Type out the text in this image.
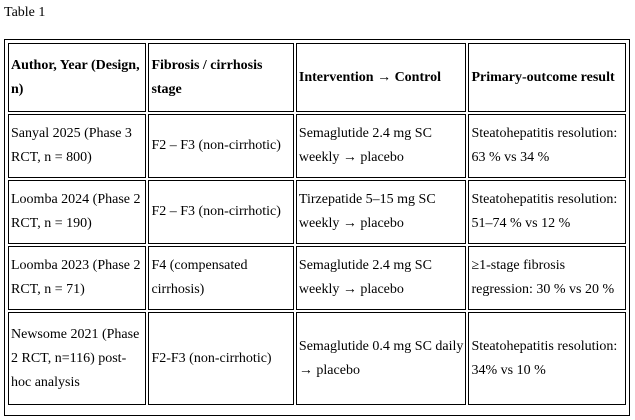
Table 1
Author, Year (Design, n)	Fibrosis / cirrhosis stage	Intervention → Control	Primary-outcome result
Sanyal 2025 (Phase 3 RCT, n = 800)	F2 – F3 (non-cirrhotic)	Semaglutide 2.4 mg SC weekly → placebo	Steatohepatitis resolution: 63 % vs 34 %
Loomba 2024 (Phase 2 RCT, n = 190)	F2 – F3 (non-cirrhotic)	Tirzepatide 5–15 mg SC weekly → placebo	Steatohepatitis resolution: 51–74 % vs 12 %
Loomba 2023 (Phase 2 RCT, n = 71)	F4 (compensated cirrhosis)	Semaglutide 2.4 mg SC weekly → placebo	≥1-stage fibrosis regression: 30 % vs 20 %
Newsome 2021 (Phase 2 RCT, n=116) post-hoc analysis	F2-F3 (non-cirrhotic)	Semaglutide 0.4 mg SC daily → placebo	Steatohepatitis resolution: 34% vs 10 %
